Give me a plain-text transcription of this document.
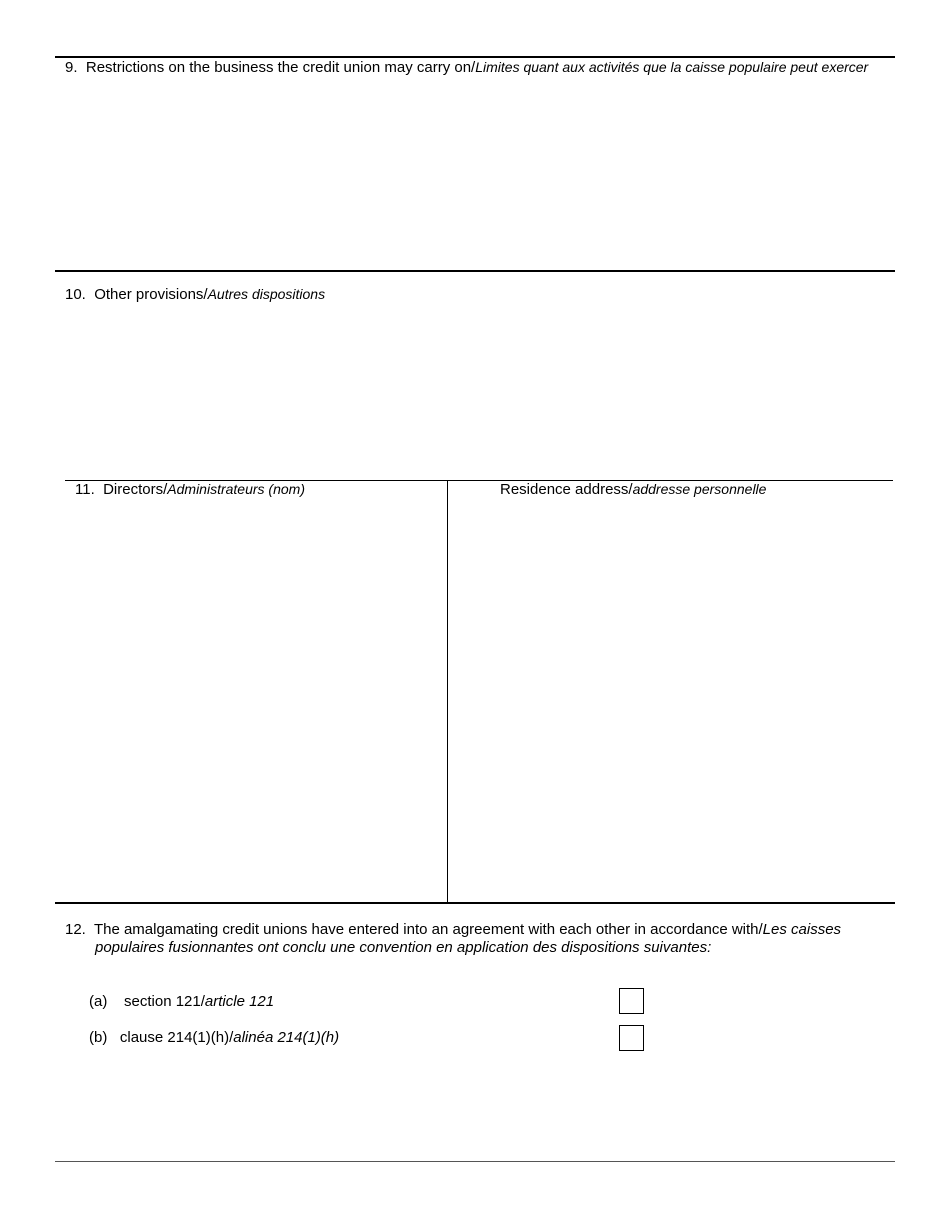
9. Restrictions on the business the credit union may carry on/Limites quant aux activités que la caisse populaire peut exercer
10. Other provisions/Autres dispositions
11. Directors/Administrateurs (nom)	Residence address/addresse personnelle
12. The amalgamating credit unions have entered into an agreement with each other in accordance with/Les caisses
populaires fusionnantes ont conclu une convention en application des dispositions suivantes:
(a) section 121/article 121
(b) clause 214(1)(h)/alinéa 214(1)(h)
